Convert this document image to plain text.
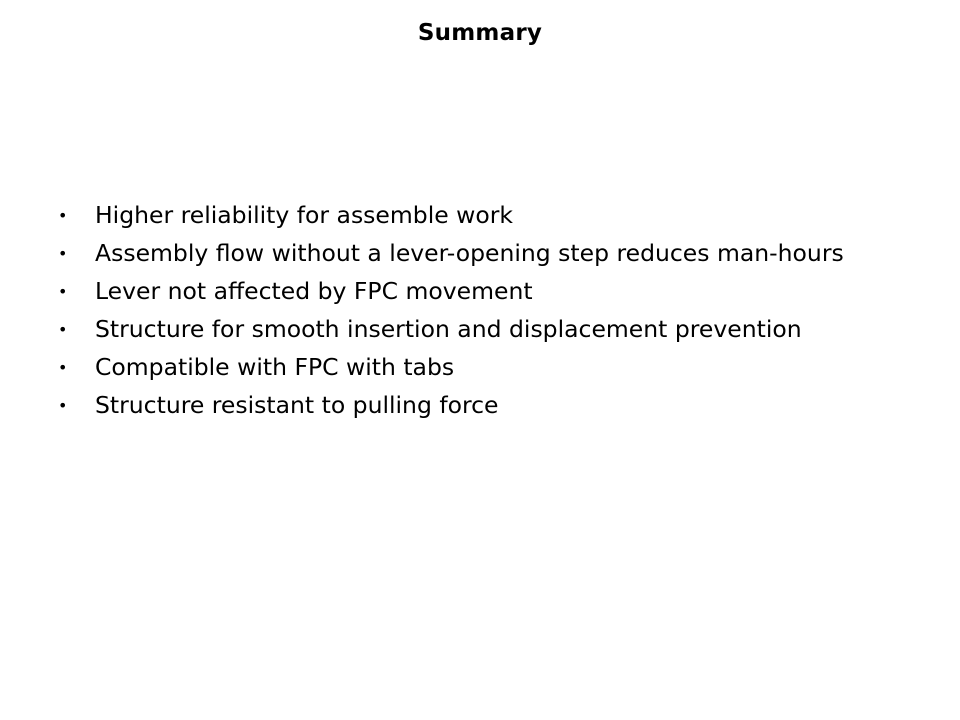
Summary
•	Higher reliability for assemble work
•	Assembly flow without a lever-opening step reduces man-hours
•	Lever not affected by FPC movement
•	Structure for smooth insertion and displacement prevention
•	Compatible with FPC with tabs
•	Structure resistant to pulling force
